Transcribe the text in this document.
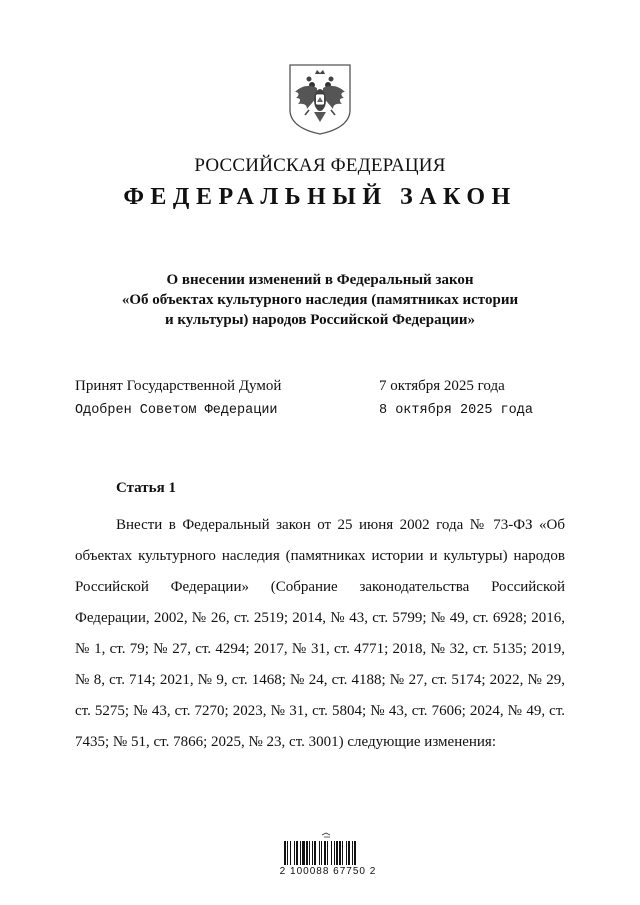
РОССИЙСКАЯ ФЕДЕРАЦИЯ
ФЕДЕРАЛЬНЫЙ ЗАКОН
О внесении изменений в Федеральный закон
«Об объектах культурного наследия (памятниках истории
и культуры) народов Российской Федерации»
Принят Государственной Думой	7 октября 2025 года
Одобрен Советом Федерации	8 октября 2025 года
Статья 1

Внести в Федеральный закон от 25 июня 2002 года № 73-ФЗ «Об объектах культурного наследия (памятниках истории и культуры) народов Российской Федерации» (Собрание законодательства Российской Федерации, 2002, № 26, ст. 2519; 2014, № 43, ст. 5799; № 49, ст. 6928; 2016, № 1, ст. 79; № 27, ст. 4294; 2017, № 31, ст. 4771; 2018, № 32, ст. 5135; 2019, № 8, ст. 714; 2021, № 9, ст. 1468; № 24, ст. 4188; № 27, ст. 5174; 2022, № 29, ст. 5275; № 43, ст. 7270; 2023, № 31, ст. 5804; № 43, ст. 7606; 2024, № 49, ст. 7435; № 51, ст. 7866; 2025, № 23, ст. 3001) следующие изменения:

2 100088 67750 2
